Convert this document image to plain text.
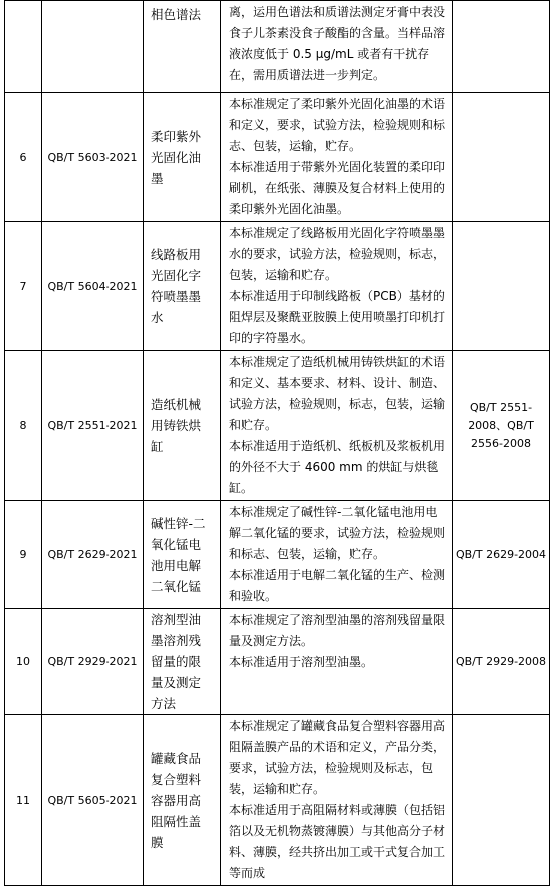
		相色谱法	离，运用色谱法和质谱法测定牙膏中表没食子儿茶素没食子酸酯的含量。当样品溶液浓度低于 0.5 μg/mL 或者有干扰存在，需用质谱法进一步判定。	

6	QB/T 5603-2021	柔印紫外光固化油墨	本标准规定了柔印紫外光固化油墨的术语和定义，要求，试验方法，检验规则和标志、包装，运输，贮存。

本标准适用于带紫外光固化装置的柔印印刷机，在纸张、薄膜及复合材料上使用的柔印紫外光固化油墨。	

7	QB/T 5604-2021	线路板用光固化字符喷墨墨水	本标准规定了线路板用光固化字符喷墨墨水的要求，试验方法，检验规则，标志，包装，运输和贮存。

本标准适用于印制线路板（PCB）基材的阻焊层及聚酰亚胺膜上使用喷墨打印机打印的字符墨水。	

8	QB/T 2551-2021	造纸机械用铸铁烘缸	本标准规定了造纸机械用铸铁烘缸的术语和定义、基本要求、材料、设计、制造、试验方法，检验规则，标志，包装，运输和贮存。

本标准适用于造纸机、纸板机及浆板机用的外径不大于 4600 mm 的烘缸与烘毯缸。	QB/T 2551-2008、QB/T 2556-2008
9	QB/T 2629-2021	碱性锌-二氧化锰电池用电解二氧化锰	本标准规定了碱性锌-二氧化锰电池用电解二氧化锰的要求，试验方法，检验规则和标志、包装，运输，贮存。

本标准适用于电解二氧化锰的生产、检测和验收。	QB/T 2629-2004
10	QB/T 2929-2021	溶剂型油墨溶剂残留量的限量及测定方法	本标准规定了溶剂型油墨的溶剂残留量限量及测定方法。

本标准适用于溶剂型油墨。	QB/T 2929-2008
11	QB/T 5605-2021	罐藏食品复合塑料容器用高阻隔性盖膜	本标准规定了罐藏食品复合塑料容器用高阻隔盖膜产品的术语和定义，产品分类，要求，试验方法，检验规则及标志，包装，运输和贮存。

本标准适用于高阻隔材料或薄膜（包括铝箔以及无机物蒸镀薄膜）与其他高分子材料、薄膜，经共挤出加工或干式复合加工等而成	
